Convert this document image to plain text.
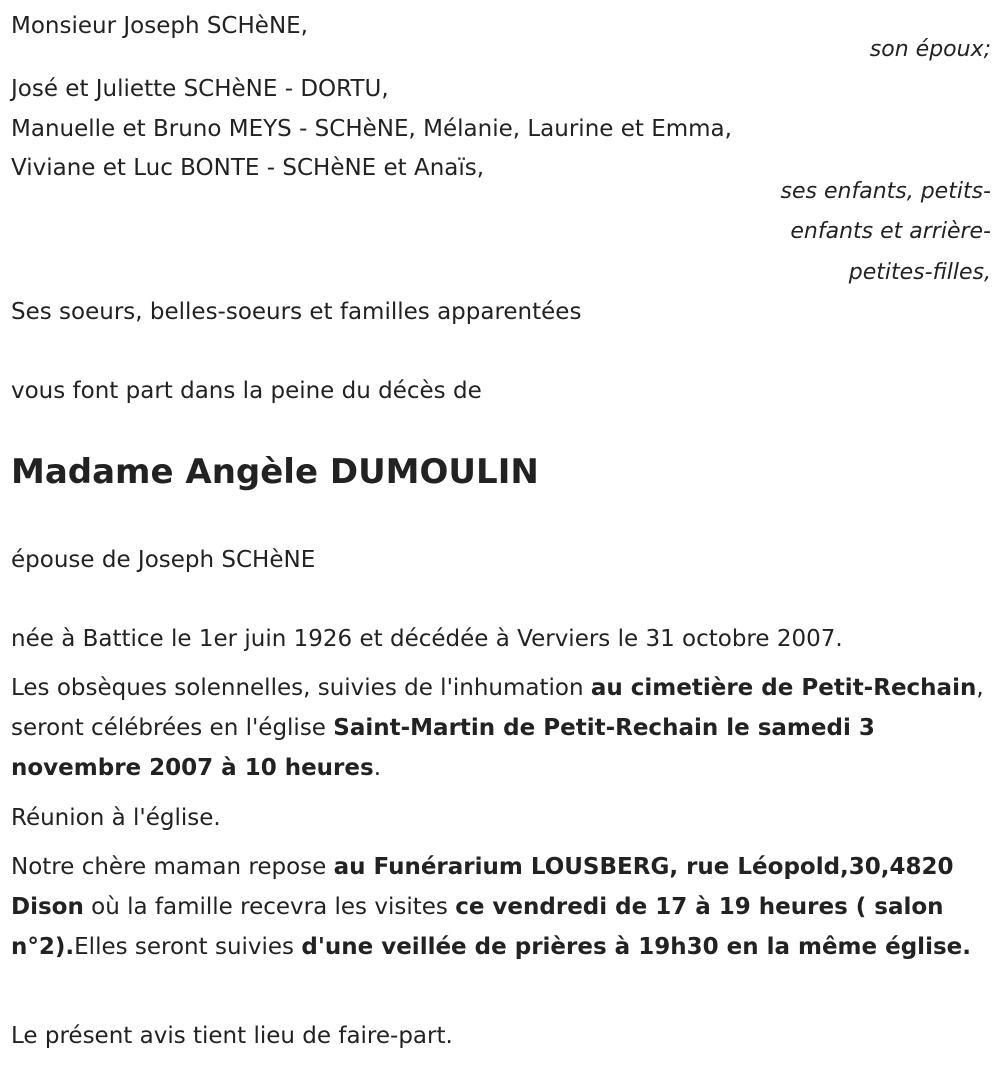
Monsieur Joseph SCHèNE,
son époux;
José et Juliette SCHèNE - DORTU,
Manuelle et Bruno MEYS - SCHèNE, Mélanie, Laurine et Emma,
Viviane et Luc BONTE - SCHèNE et Anaïs,
ses enfants, petits-
enfants et arrière-
petites-filles,
Ses soeurs, belles-soeurs et familles apparentées
vous font part dans la peine du décès de
Madame Angèle DUMOULIN
épouse de Joseph SCHèNE
née à Battice le 1er juin 1926 et décédée à Verviers le 31 octobre 2007.
Les obsèques solennelles, suivies de l'inhumation au cimetière de Petit-Rechain, seront célébrées en l'église Saint-Martin de Petit-Rechain le samedi 3 novembre 2007 à 10 heures.
Réunion à l'église.
Notre chère maman repose au Funérarium LOUSBERG, rue Léopold,30,4820 Dison où la famille recevra les visites ce vendredi de 17 à 19 heures ( salon n°2).Elles seront suivies d'une veillée de prières à 19h30 en la même église.
Le présent avis tient lieu de faire-part.
